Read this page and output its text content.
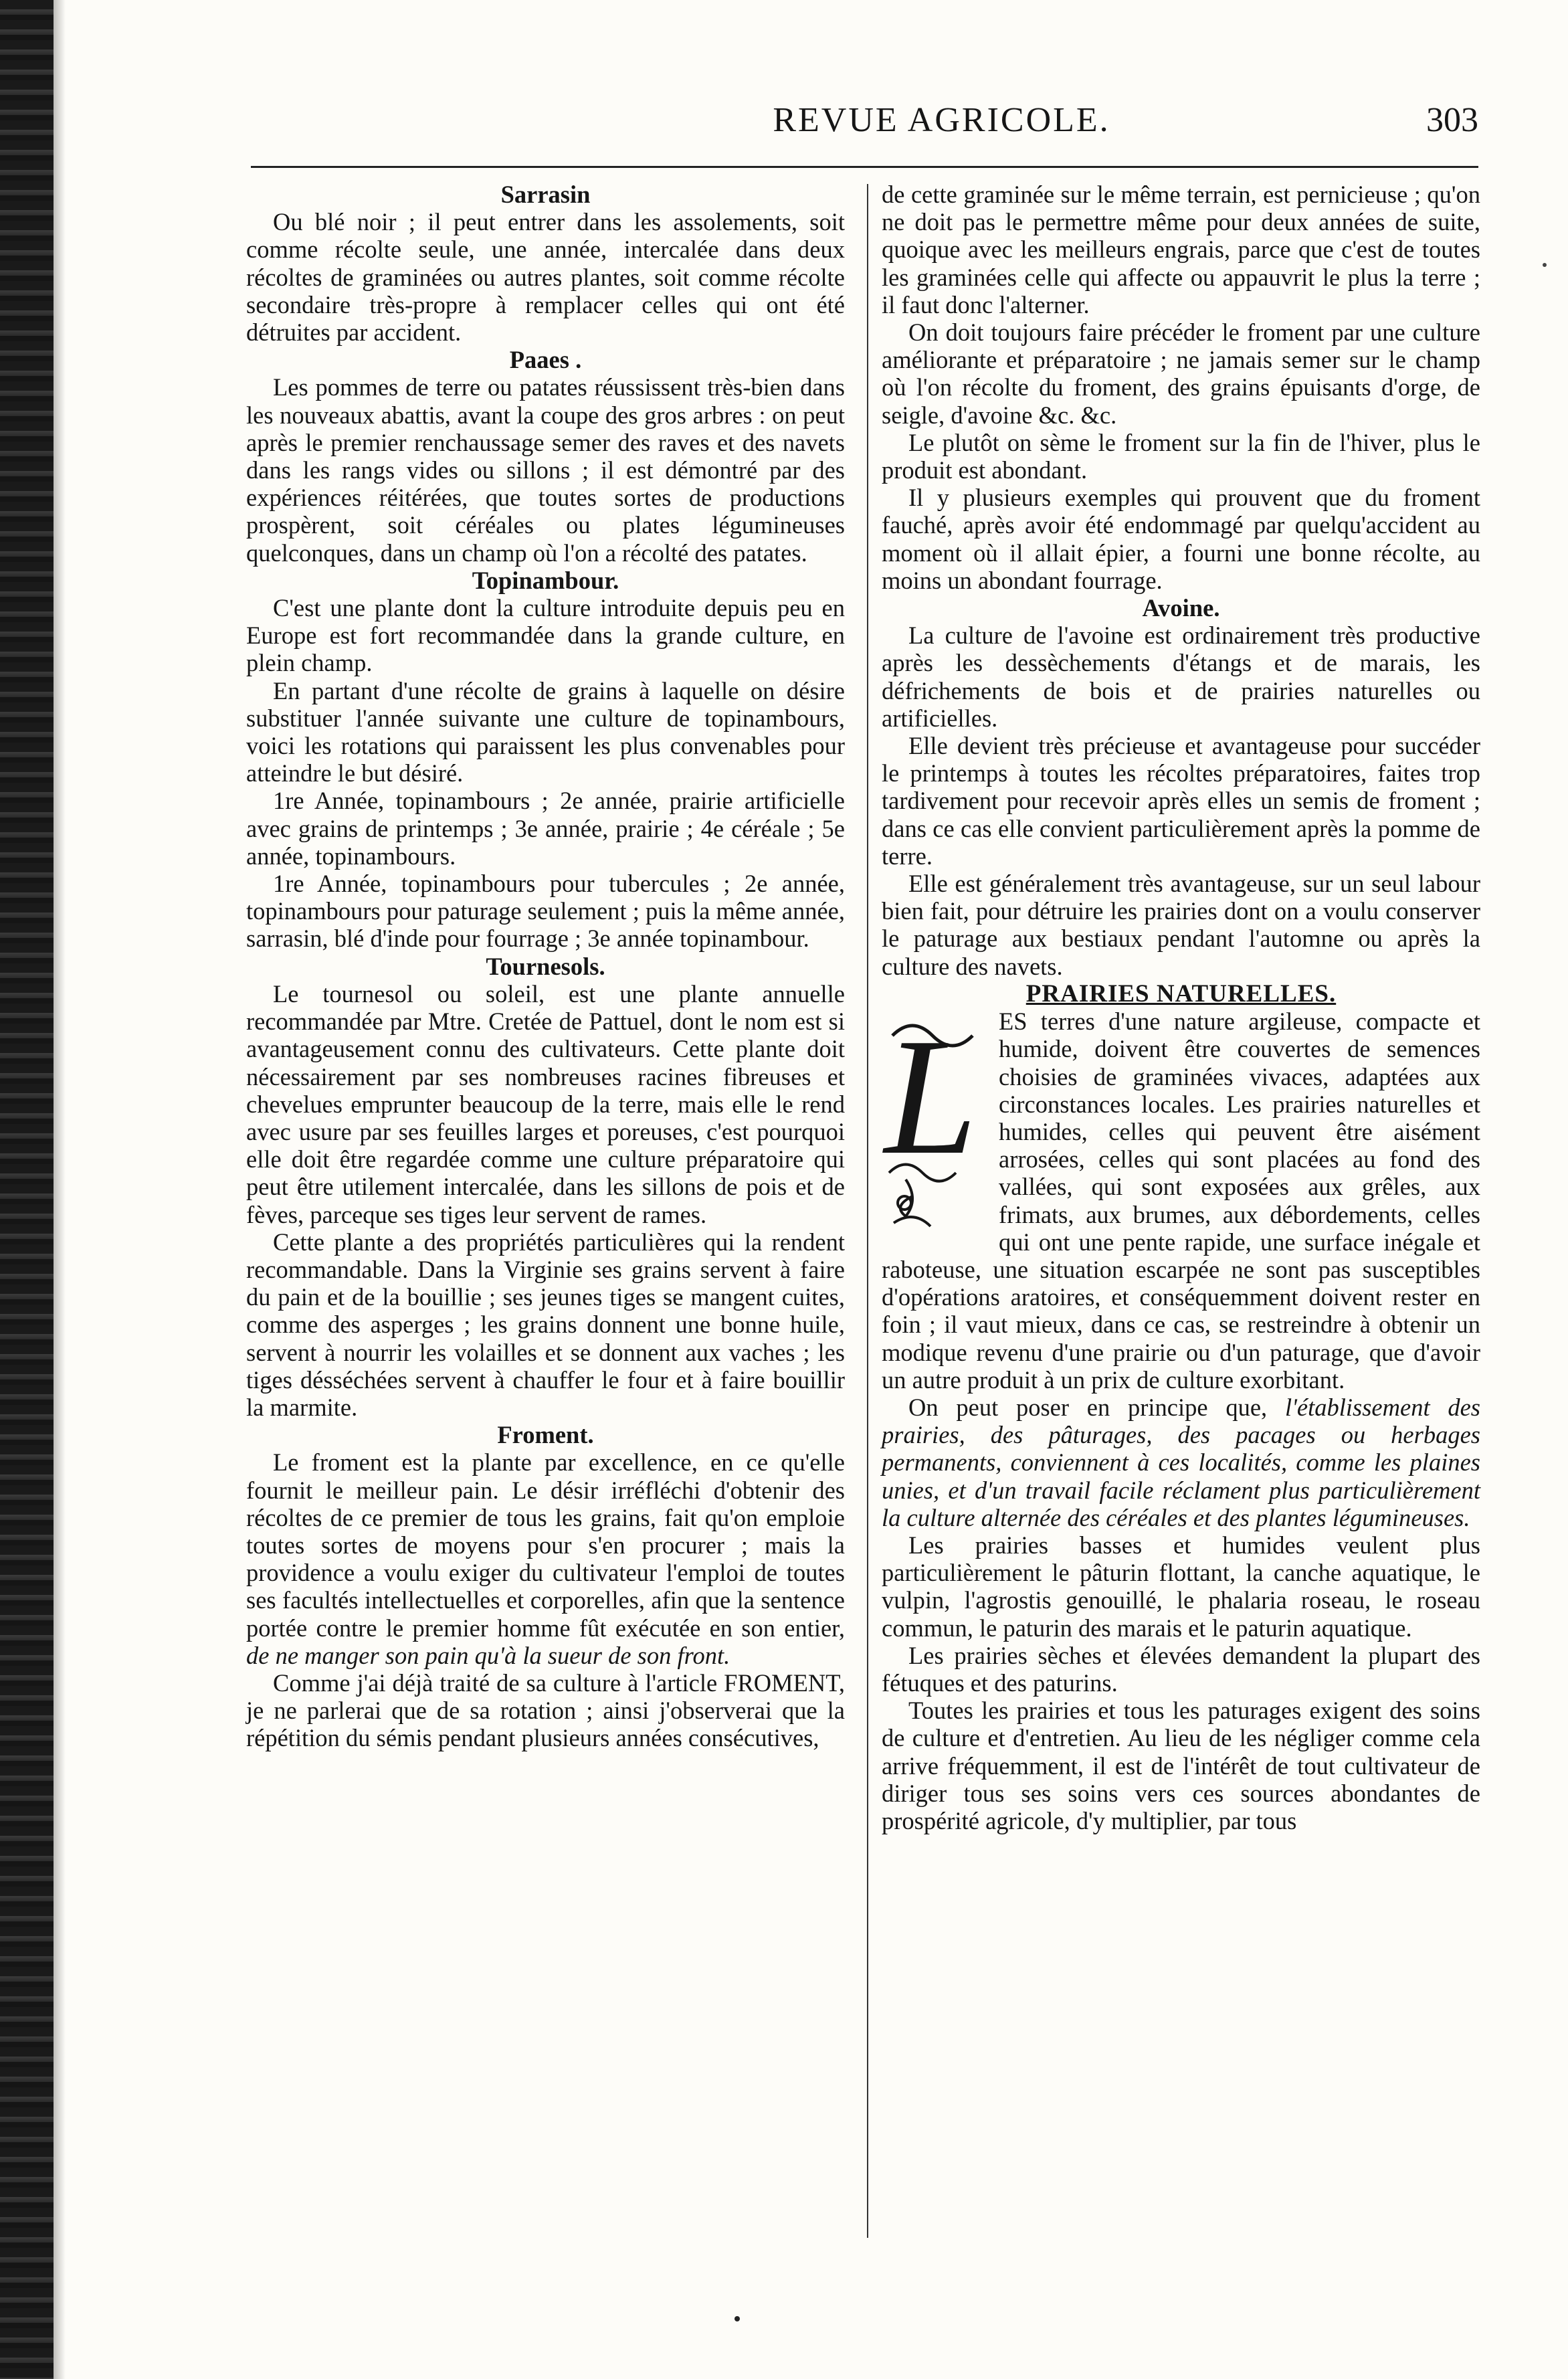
REVUE AGRICOLE.	303
Sarrasin

Ou blé noir ; il peut entrer dans les assolements, soit comme récolte seule, une année, intercalée dans deux récoltes de graminées ou autres plantes, soit comme récolte secondaire très-propre à remplacer celles qui ont été détruites par accident.

Paaes .

Les pommes de terre ou patates réussissent très-bien dans les nouveaux abattis, avant la coupe des gros arbres : on peut après le premier renchaussage semer des raves et des navets dans les rangs vides ou sillons ; il est démontré par des expériences réitérées, que toutes sortes de productions prospèrent, soit céréales ou plates légumineuses quelconques, dans un champ où l'on a récolté des patates.

Topinambour.

C'est une plante dont la culture introduite depuis peu en Europe est fort recommandée dans la grande culture, en plein champ.

En partant d'une récolte de grains à laquelle on désire substituer l'année suivante une culture de topinambours, voici les rotations qui paraissent les plus convenables pour atteindre le but désiré.

1re Année, topinambours ; 2e année, prairie artificielle avec grains de printemps ; 3e année, prairie ; 4e céréale ; 5e année, topinambours.

1re Année, topinambours pour tubercules ; 2e année, topinambours pour paturage seulement ; puis la même année, sarrasin, blé d'inde pour fourrage ; 3e année topinambour.

Tournesols.

Le tournesol ou soleil, est une plante annuelle recommandée par Mtre. Cretée de Pattuel, dont le nom est si avantageusement connu des cultivateurs. Cette plante doit nécessairement par ses nombreuses racines fibreuses et chevelues emprunter beaucoup de la terre, mais elle le rend avec usure par ses feuilles larges et poreuses, c'est pourquoi elle doit être regardée comme une culture préparatoire qui peut être utilement intercalée, dans les sillons de pois et de fèves, parceque ses tiges leur servent de rames.

Cette plante a des propriétés particulières qui la rendent recommandable. Dans la Virginie ses grains servent à faire du pain et de la bouillie ; ses jeunes tiges se mangent cuites, comme des asperges ; les grains donnent une bonne huile, servent à nourrir les volailles et se donnent aux vaches ; les tiges désséchées servent à chauffer le four et à faire bouillir la marmite.

Froment.

Le froment est la plante par excellence, en ce qu'elle fournit le meilleur pain. Le désir irréfléchi d'obtenir des récoltes de ce premier de tous les grains, fait qu'on emploie toutes sortes de moyens pour s'en procurer ; mais la providence a voulu exiger du cultivateur l'emploi de toutes ses facultés intellectuelles et corporelles, afin que la sentence portée contre le premier homme fût exécutée en son entier, de ne manger son pain qu'à la sueur de son front.

Comme j'ai déjà traité de sa culture à l'article FROMENT, je ne parlerai que de sa rotation ; ainsi j'observerai que la répétition du sémis pendant plusieurs années consécutives,

de cette graminée sur le même terrain, est pernicieuse ; qu'on ne doit pas le permettre même pour deux années de suite, quoique avec les meilleurs engrais, parce que c'est de toutes les graminées celle qui affecte ou appauvrit le plus la terre ; il faut donc l'alterner.

On doit toujours faire précéder le froment par une culture améliorante et préparatoire ; ne jamais semer sur le champ où l'on récolte du froment, des grains épuisants d'orge, de seigle, d'avoine &c. &c.

Le plutôt on sème le froment sur la fin de l'hiver, plus le produit est abondant.

Il y plusieurs exemples qui prouvent que du froment fauché, après avoir été endommagé par quelqu'accident au moment où il allait épier, a fourni une bonne récolte, au moins un abondant fourrage.

Avoine.

La culture de l'avoine est ordinairement très productive après les dessèchements d'étangs et de marais, les défrichements de bois et de prairies naturelles ou artificielles.

Elle devient très précieuse et avantageuse pour succéder le printemps à toutes les récoltes préparatoires, faites trop tardivement pour recevoir après elles un semis de froment ; dans ce cas elle convient particulièrement après la pomme de terre.

Elle est généralement très avantageuse, sur un seul labour bien fait, pour détruire les prairies dont on a voulu conserver le paturage aux bestiaux pendant l'automne ou après la culture des navets.

PRAIRIES NATURELLES.

L ES terres d'une nature argileuse, compacte et humide, doivent être couvertes de semences choisies de graminées vivaces, adaptées aux circonstances locales. Les prairies naturelles et humides, celles qui peuvent être aisément arrosées, celles qui sont placées au fond des vallées, qui sont exposées aux grêles, aux frimats, aux brumes, aux débordements, celles qui ont une pente rapide, une surface inégale et raboteuse, une situation escarpée ne sont pas susceptibles d'opérations aratoires, et conséquemment doivent rester en foin ; il vaut mieux, dans ce cas, se restreindre à obtenir un modique revenu d'une prairie ou d'un paturage, que d'avoir un autre produit à un prix de culture exorbitant.

On peut poser en principe que, l'établissement des prairies, des pâturages, des pacages ou herbages permanents, conviennent à ces localités, comme les plaines unies, et d'un travail facile réclament plus particulièrement la culture alternée des céréales et des plantes légumineuses.

Les prairies basses et humides veulent plus particulièrement le pâturin flottant, la canche aquatique, le vulpin, l'agrostis genouillé, le phalaria roseau, le roseau commun, le paturin des marais et le paturin aquatique.

Les prairies sèches et élevées demandent la plupart des fétuques et des paturins.

Toutes les prairies et tous les paturages exigent des soins de culture et d'entretien. Au lieu de les négliger comme cela arrive fréquemment, il est de l'intérêt de tout cultivateur de diriger tous ses soins vers ces sources abondantes de prospérité agricole, d'y multiplier, par tous
